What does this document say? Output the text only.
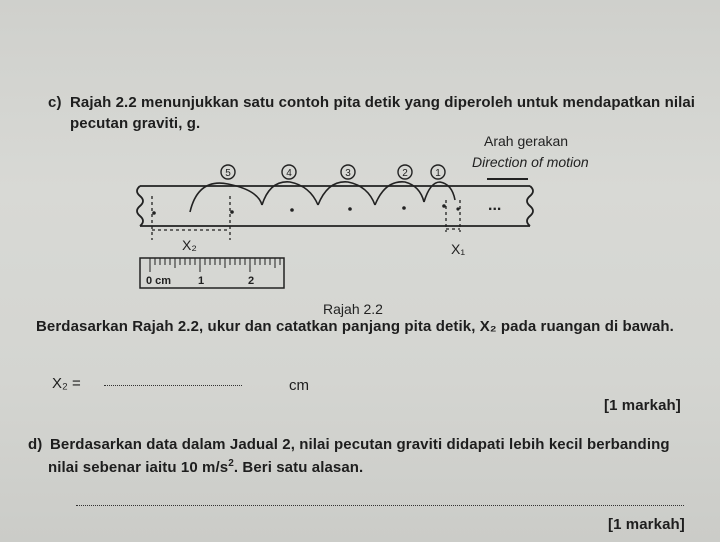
c) Rajah 2.2 menunjukkan satu contoh pita detik yang diperoleh untuk mendapatkan nilai
pecutan graviti, g.
Arah gerakan
Direction of motion
5	4	3	2	1
...
X₂	X₁
0 cm 1	2
Rajah 2.2
Berdasarkan Rajah 2.2, ukur dan catatkan panjang pita detik, X₂ pada ruangan di bawah.
X₂ =	cm
[1 markah]
d) Berdasarkan data dalam Jadual 2, nilai pecutan graviti didapati lebih kecil berbanding
nilai sebenar iaitu 10 $m/s^2$. Beri satu alasan.
[1 markah]
